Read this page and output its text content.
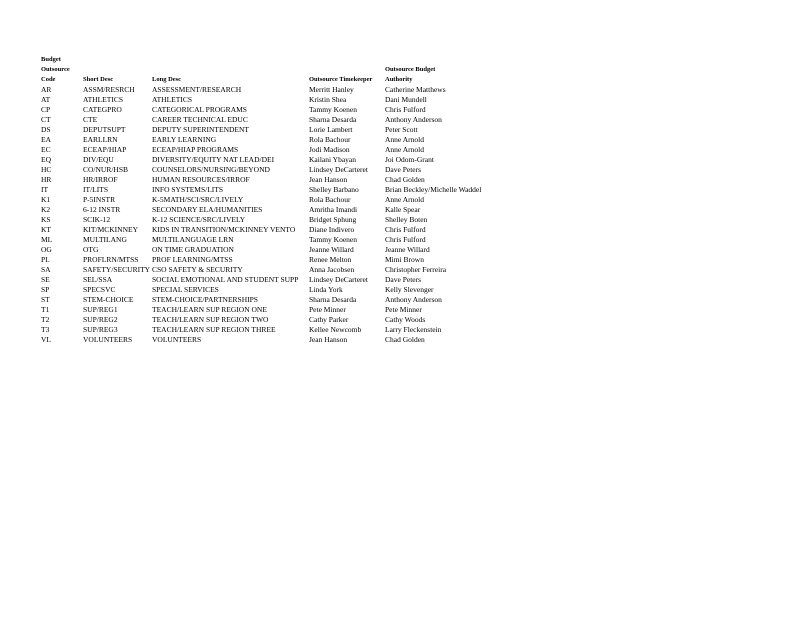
Budget
Outsource	Outsource Budget
Code	Short Desc	Long Desc	Outsource Timekeeper Authority
AR	ASSM/RESRCH	ASSESSMENT/RESEARCH	Merritt Hanley	Catherine Matthews
AT	ATHLETICS	ATHLETICS	Kristin Shea	Dani Mundell
CP	CATEGPRO	CATEGORICAL PROGRAMS	Tammy Koenen	Chris Fulford
CT	CTE	CAREER TECHNICAL EDUC	Sharna Desarda	Anthony Anderson
DS	DEPUTSUPT	DEPUTY SUPERINTENDENT	Lorie Lambert	Peter Scott
EA	EARLLRN	EARLY LEARNING	Rola Bachour	Anne Arnold
EC	ECEAP/HIAP	ECEAP/HIAP PROGRAMS	Jodi Madison	Anne Arnold
EQ	DIV/EQU	DIVERSITY/EQUITY NAT LEAD/DEI	Kailani Ybayan	Joi Odom-Grant
HC	CO/NUR/HSB	COUNSELORS/NURSING/BEYOND	Lindsey DeCarteret	Dave Peters
HR	HR/IRROF	HUMAN RESOURCES/IRROF	Jean Hanson	Chad Golden
IT	IT/LITS	INFO SYSTEMS/LITS	Shelley Barbano	Brian Beckley/Michelle Waddel
K1	P-5INSTR	K-5MATH/SCI/SRC/LIVELY	Rola Bachour	Anne Arnold
K2	6-12 INSTR	SECONDARY ELA/HUMANITIES	Amritha Imandi	Kalle Spear
KS	SCIK-12	K-12 SCIENCE/SRC/LIVELY	Bridget Sphung	Shelley Boten
KT	KIT/MCKINNEY	KIDS IN TRANSITION/MCKINNEY VENTO	Diane Indivero	Chris Fulford
ML	MULTILANG	MULTILANGUAGE LRN	Tammy Koenen	Chris Fulford
OG	OTG	ON TIME GRADUATION	Jeanne Willard	Jeanne Willard
PL	PROFLRN/MTSS	PROF LEARNING/MTSS	Renee Melton	Mimi Brown
SA	SAFETY/SECURITY	CSO SAFETY & SECURITY	Anna Jacobsen	Christopher Ferreira
SE	SEL/SSA	SOCIAL EMOTIONAL AND STUDENT SUPP	Lindsey DeCarteret	Dave Peters
SP	SPECSVC	SPECIAL SERVICES	Linda York	Kelly Slevenger
ST	STEM-CHOICE	STEM-CHOICE/PARTNERSHIPS	Sharna Desarda	Anthony Anderson
T1	SUP/REG1	TEACH/LEARN SUP REGION ONE	Pete Minner	Pete Minner
T2	SUP/REG2	TEACH/LEARN SUP REGION TWO	Cathy Parker	Cathy Woods
T3	SUP/REG3	TEACH/LEARN SUP REGION THREE	Kellee Newcomb	Larry Fleckenstein
VL	VOLUNTEERS	VOLUNTEERS	Jean Hanson	Chad Golden
